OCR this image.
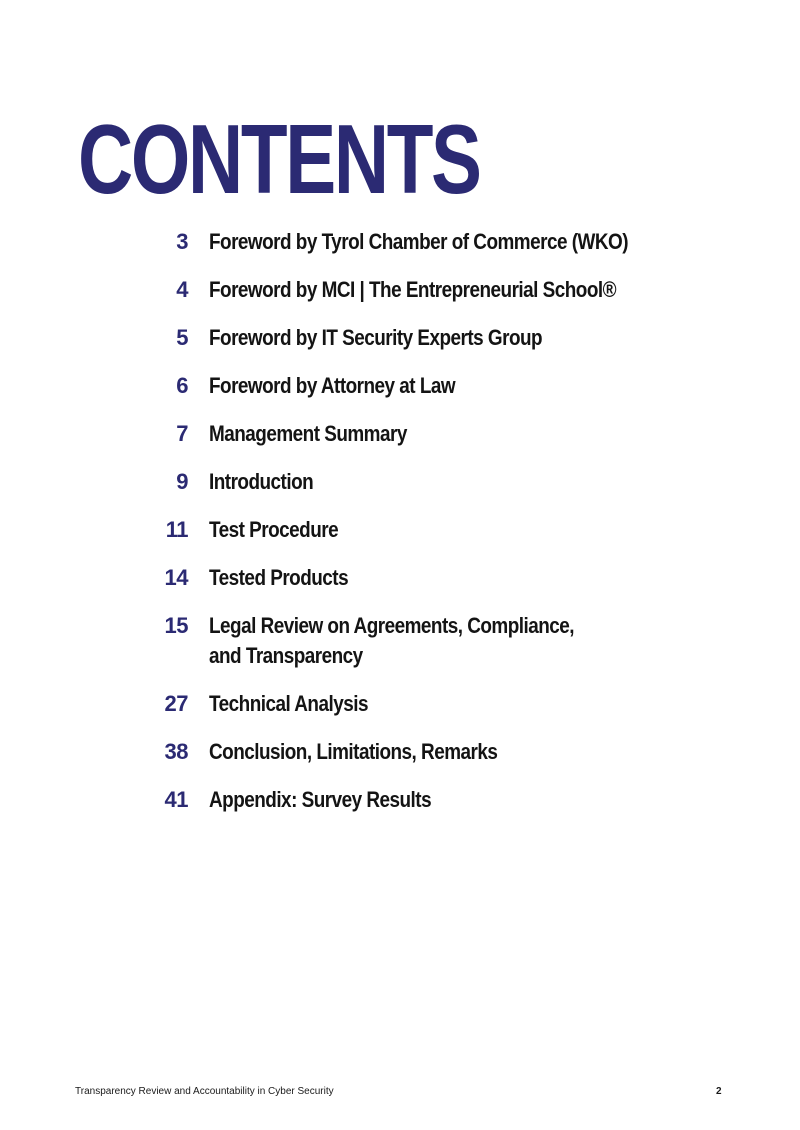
CONTENTS
3 Foreword by Tyrol Chamber of Commerce (WKO)
4 Foreword by MCI | The Entrepreneurial School®
5 Foreword by IT Security Experts Group
6 Foreword by Attorney at Law
7 Management Summary
9 Introduction
11 Test Procedure
14 Tested Products
15 Legal Review on Agreements, Compliance,
and Transparency
27 Technical Analysis
38 Conclusion, Limitations, Remarks
41 Appendix: Survey Results
Transparency Review and Accountability in Cyber Security	2
